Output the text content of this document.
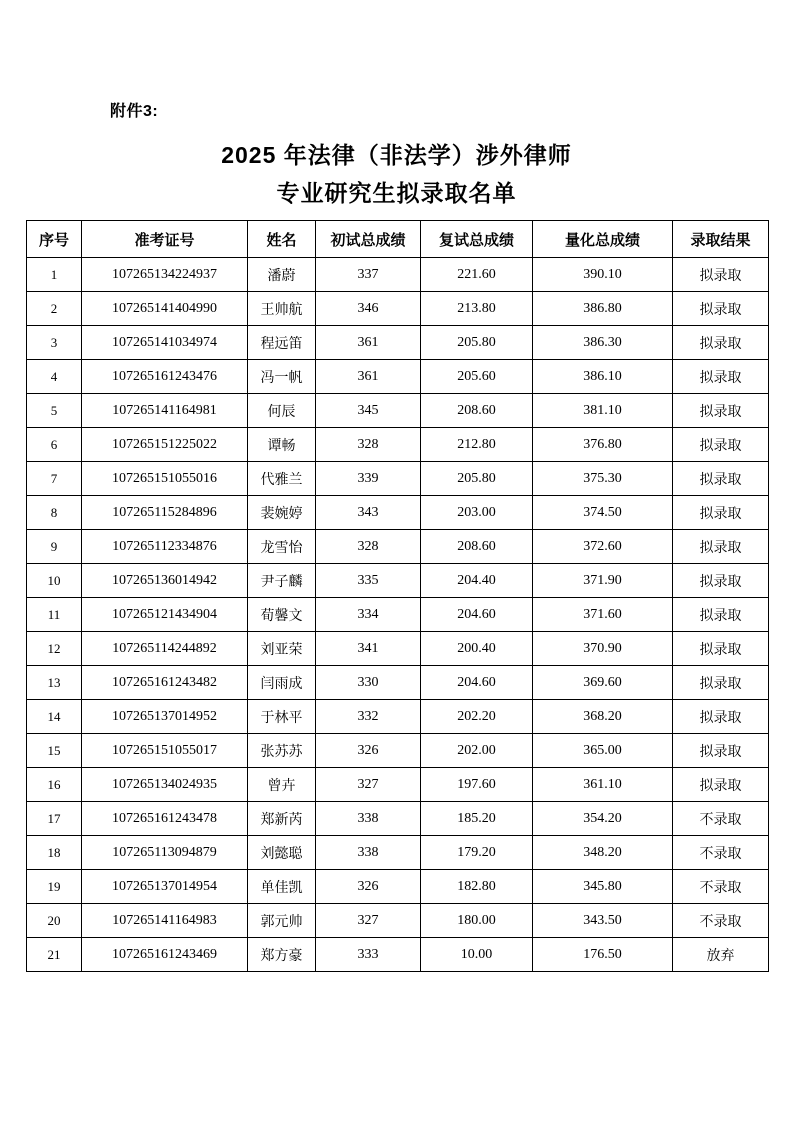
附件3:
2025 年法律（非法学）涉外律师
专业研究生拟录取名单
序号	准考证号	姓名	初试总成绩	复试总成绩	量化总成绩	录取结果
1	107265134224937	潘蔚	337	221.60	390.10	拟录取
2	107265141404990	王帅航	346	213.80	386.80	拟录取
3	107265141034974	程远笛	361	205.80	386.30	拟录取
4	107265161243476	冯一帆	361	205.60	386.10	拟录取
5	107265141164981	何辰	345	208.60	381.10	拟录取
6	107265151225022	谭畅	328	212.80	376.80	拟录取
7	107265151055016	代雅兰	339	205.80	375.30	拟录取
8	107265115284896	裴婉婷	343	203.00	374.50	拟录取
9	107265112334876	龙雪怡	328	208.60	372.60	拟录取
10	107265136014942	尹子麟	335	204.40	371.90	拟录取
11	107265121434904	荀馨文	334	204.60	371.60	拟录取
12	107265114244892	刘亚荣	341	200.40	370.90	拟录取
13	107265161243482	闫雨成	330	204.60	369.60	拟录取
14	107265137014952	于林平	332	202.20	368.20	拟录取
15	107265151055017	张苏苏	326	202.00	365.00	拟录取
16	107265134024935	曾卉	327	197.60	361.10	拟录取
17	107265161243478	郑新芮	338	185.20	354.20	不录取
18	107265113094879	刘懿聪	338	179.20	348.20	不录取
19	107265137014954	单佳凯	326	182.80	345.80	不录取
20	107265141164983	郭元帅	327	180.00	343.50	不录取
21	107265161243469	郑方豪	333	10.00	176.50	放弃
